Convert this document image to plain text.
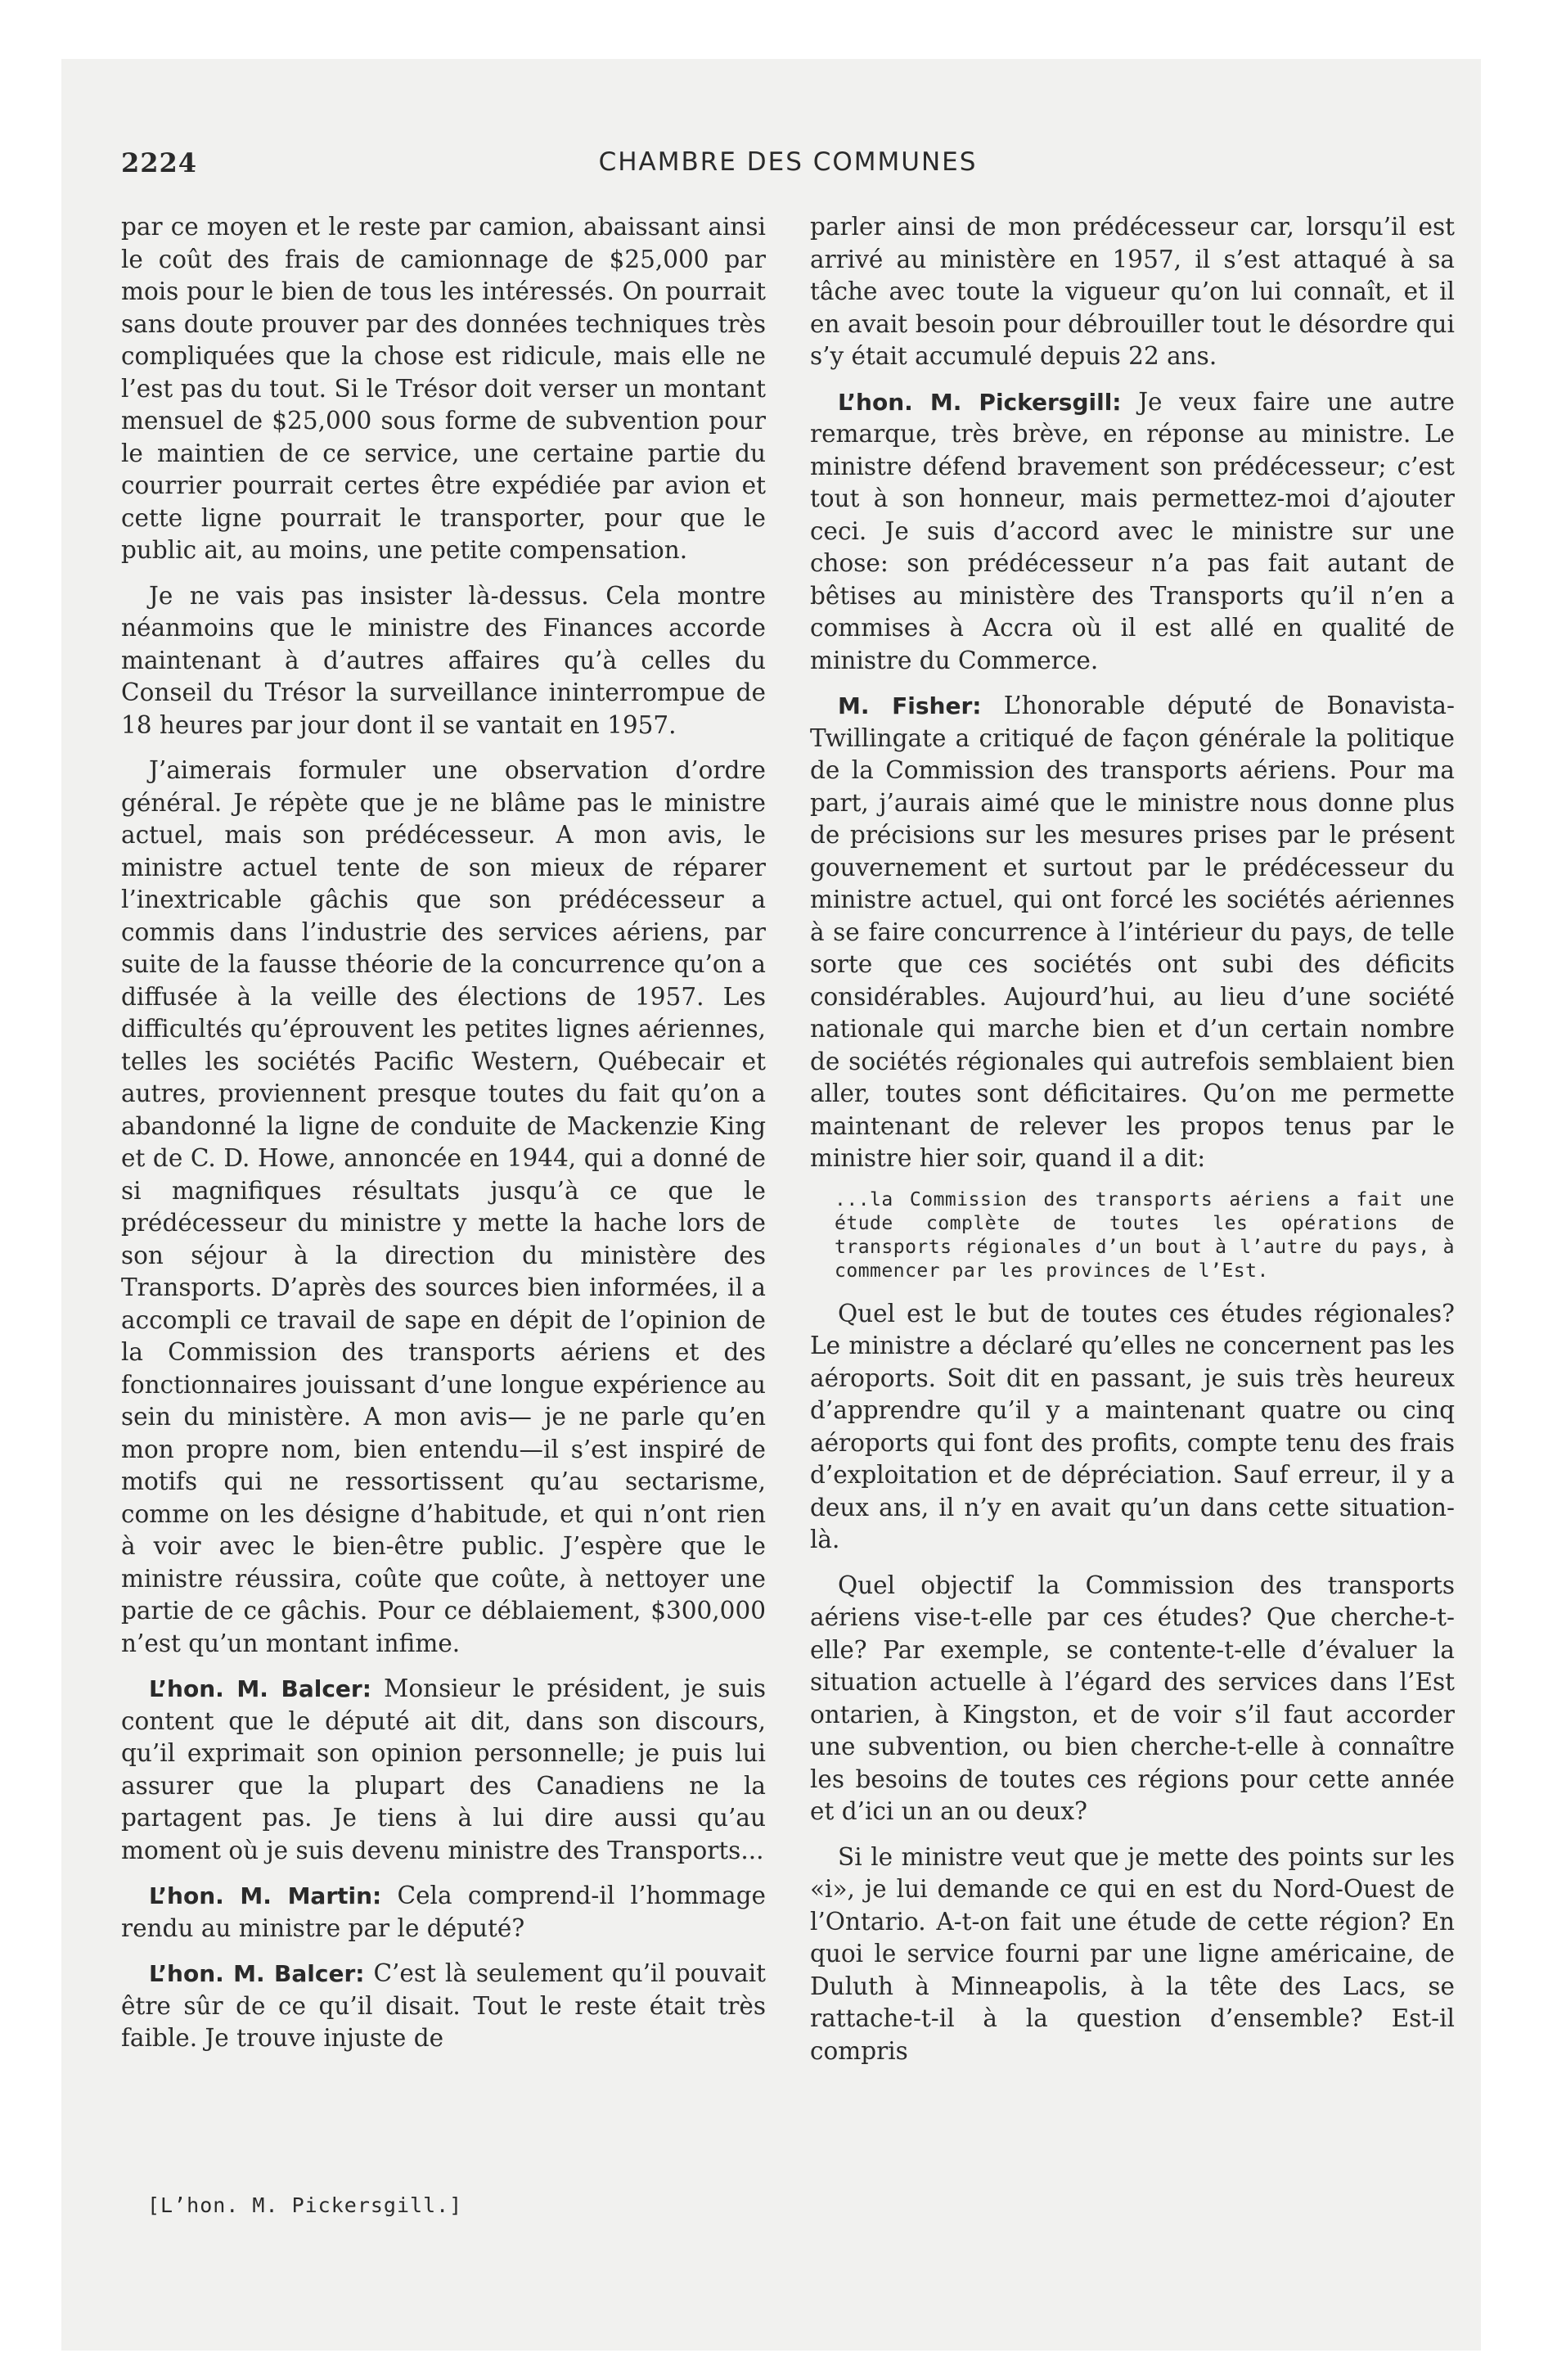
2224	CHAMBRE DES COMMUNES

par ce moyen et le reste par camion, abaissant ainsi le coût des frais de camionnage de $25,000 par mois pour le bien de tous les intéressés. On pourrait sans doute prouver par des données techniques très compliquées que la chose est ridicule, mais elle ne l’est pas du tout. Si le Trésor doit verser un montant mensuel de $25,000 sous forme de subvention pour le maintien de ce service, une certaine partie du courrier pourrait certes être expédiée par avion et cette ligne pourrait le transporter, pour que le public ait, au moins, une petite compensation.

Je ne vais pas insister là-dessus. Cela montre néanmoins que le ministre des Finances accorde maintenant à d’autres affaires qu’à celles du Conseil du Trésor la surveillance ininterrompue de 18 heures par jour dont il se vantait en 1957.

J’aimerais formuler une observation d’ordre général. Je répète que je ne blâme pas le ministre actuel, mais son prédécesseur. A mon avis, le ministre actuel tente de son mieux de réparer l’inextricable gâchis que son prédécesseur a commis dans l’industrie des services aériens, par suite de la fausse théorie de la concurrence qu’on a diffusée à la veille des élections de 1957. Les difficultés qu’éprouvent les petites lignes aériennes, telles les sociétés Pacific Western, Québecair et autres, proviennent presque toutes du fait qu’on a abandonné la ligne de conduite de Mackenzie King et de C. D. Howe, annoncée en 1944, qui a donné de si magnifiques résultats jusqu’à ce que le prédécesseur du ministre y mette la hache lors de son séjour à la direction du ministère des Transports. D’après des sources bien informées, il a accompli ce travail de sape en dépit de l’opinion de la Commission des transports aériens et des fonctionnaires jouissant d’une longue expérience au sein du ministère. A mon avis— je ne parle qu’en mon propre nom, bien entendu—il s’est inspiré de motifs qui ne ressortissent qu’au sectarisme, comme on les désigne d’habitude, et qui n’ont rien à voir avec le bien-être public. J’espère que le ministre réussira, coûte que coûte, à nettoyer une partie de ce gâchis. Pour ce déblaiement, $300,000 n’est qu’un montant infime.

L’hon. M. Balcer: Monsieur le président, je suis content que le député ait dit, dans son discours, qu’il exprimait son opinion personnelle; je puis lui assurer que la plupart des Canadiens ne la partagent pas. Je tiens à lui dire aussi qu’au moment où je suis devenu ministre des Transports...

L’hon. M. Martin: Cela comprend-il l’hommage rendu au ministre par le député?

L’hon. M. Balcer: C’est là seulement qu’il pouvait être sûr de ce qu’il disait. Tout le reste était très faible. Je trouve injuste de

[L’hon. M. Pickersgill.]

parler ainsi de mon prédécesseur car, lorsqu’il est arrivé au ministère en 1957, il s’est attaqué à sa tâche avec toute la vigueur qu’on lui connaît, et il en avait besoin pour débrouiller tout le désordre qui s’y était accumulé depuis 22 ans.

L’hon. M. Pickersgill: Je veux faire une autre remarque, très brève, en réponse au ministre. Le ministre défend bravement son prédécesseur; c’est tout à son honneur, mais permettez-moi d’ajouter ceci. Je suis d’accord avec le ministre sur une chose: son prédécesseur n’a pas fait autant de bêtises au ministère des Transports qu’il n’en a commises à Accra où il est allé en qualité de ministre du Commerce.

M. Fisher: L’honorable député de Bonavista-Twillingate a critiqué de façon générale la politique de la Commission des transports aériens. Pour ma part, j’aurais aimé que le ministre nous donne plus de précisions sur les mesures prises par le présent gouvernement et surtout par le prédécesseur du ministre actuel, qui ont forcé les sociétés aériennes à se faire concurrence à l’intérieur du pays, de telle sorte que ces sociétés ont subi des déficits considérables. Aujourd’hui, au lieu d’une société nationale qui marche bien et d’un certain nombre de sociétés régionales qui autrefois semblaient bien aller, toutes sont déficitaires. Qu’on me permette maintenant de relever les propos tenus par le ministre hier soir, quand il a dit:

...la Commission des transports aériens a fait une étude complète de toutes les opérations de transports régionales d’un bout à l’autre du pays, à commencer par les provinces de l’Est.

Quel est le but de toutes ces études régionales? Le ministre a déclaré qu’elles ne concernent pas les aéroports. Soit dit en passant, je suis très heureux d’apprendre qu’il y a maintenant quatre ou cinq aéroports qui font des profits, compte tenu des frais d’exploitation et de dépréciation. Sauf erreur, il y a deux ans, il n’y en avait qu’un dans cette situation-là.

Quel objectif la Commission des transports aériens vise-t-elle par ces études? Que cherche-t-elle? Par exemple, se contente-t-elle d’évaluer la situation actuelle à l’égard des services dans l’Est ontarien, à Kingston, et de voir s’il faut accorder une subvention, ou bien cherche-t-elle à connaître les besoins de toutes ces régions pour cette année et d’ici un an ou deux?

Si le ministre veut que je mette des points sur les «i», je lui demande ce qui en est du Nord-Ouest de l’Ontario. A-t-on fait une étude de cette région? En quoi le service fourni par une ligne américaine, de Duluth à Minneapolis, à la tête des Lacs, se rattache-t-il à la question d’ensemble? Est-il compris
